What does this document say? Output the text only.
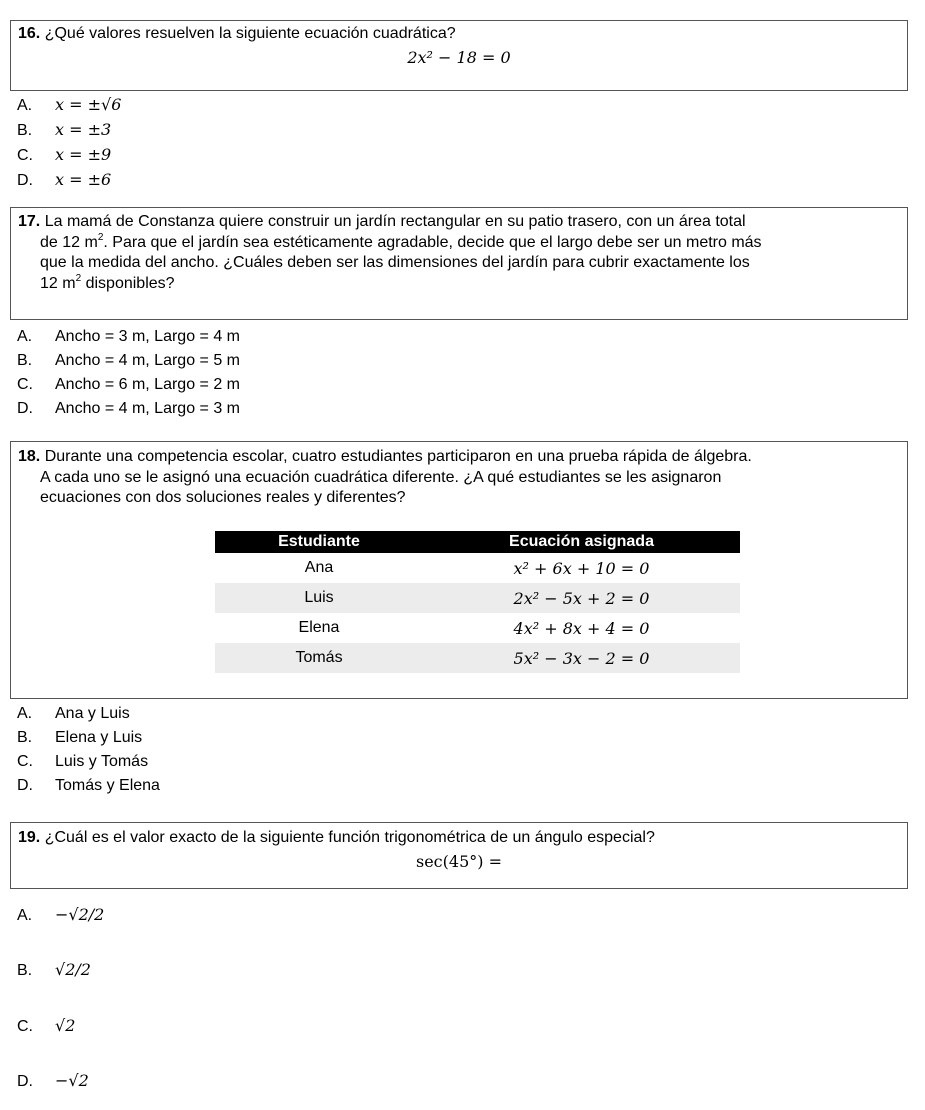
16. ¿Qué valores resuelven la siguiente ecuación cuadrática?
2x² − 18 = 0
A. x = ±√6
B. x = ±3
C. x = ±9
D. x = ±6
17. La mamá de Constanza quiere construir un jardín rectangular en su patio trasero, con un área total
de 12 $m^2$. Para que el jardín sea estéticamente agradable, decide que el largo debe ser un metro más
que la medida del ancho. ¿Cuáles deben ser las dimensiones del jardín para cubrir exactamente los
12 $m^2$ disponibles?
A. Ancho = 3 m, Largo = 4 m
B. Ancho = 4 m, Largo = 5 m
C. Ancho = 6 m, Largo = 2 m
D. Ancho = 4 m, Largo = 3 m
18. Durante una competencia escolar, cuatro estudiantes participaron en una prueba rápida de álgebra.
A cada uno se le asignó una ecuación cuadrática diferente. ¿A qué estudiantes se les asignaron
ecuaciones con dos soluciones reales y diferentes?
Estudiante	Ecuación asignada
Ana	x² + 6x + 10 = 0
Luis	2x² − 5x + 2 = 0
Elena	4x² + 8x + 4 = 0
Tomás	5x² − 3x − 2 = 0
A. Ana y Luis
B. Elena y Luis
C. Luis y Tomás
D. Tomás y Elena
19. ¿Cuál es el valor exacto de la siguiente función trigonométrica de un ángulo especial?
sec(45°) =
A. −√2/2
B. √2/2
C. √2
D. −√2
